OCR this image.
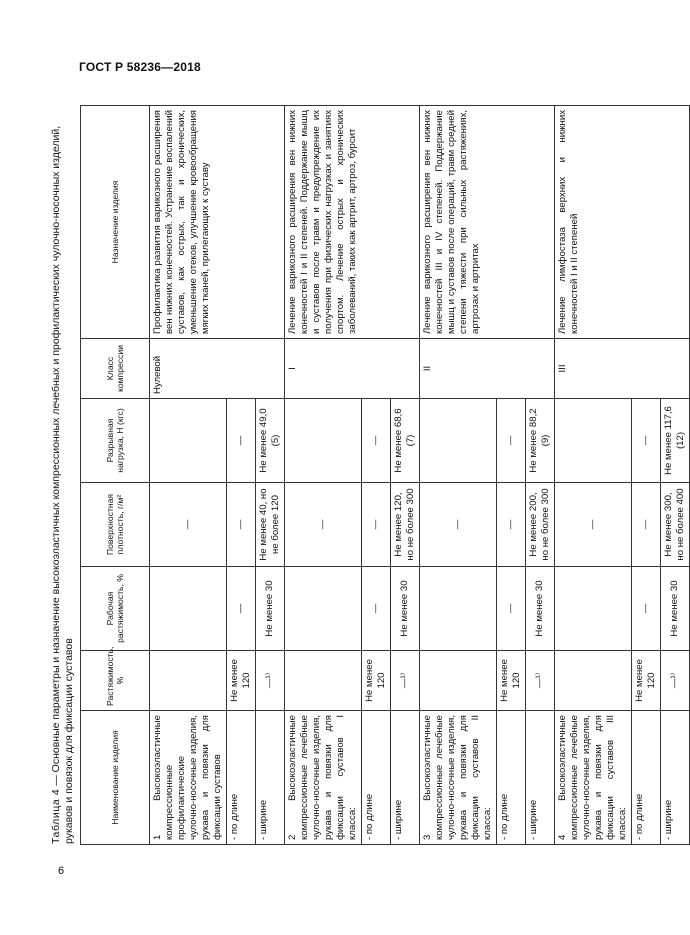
ГОСТ Р 58236—2018
Таблица 4 — Основные параметры и назначение высокоэластичных компрессионных лечебных и профилактических чулочно-носочных изделий, рукавов и повязок для фиксации суставов	Наименование изделия	Растяжимость, %	Рабочая растяжимость, %	Поверхностная плотность, г/м²	Разрывная нагрузка, Н (кгс)	Класс компрессии	Назначение изделия
1 Высокоэластичные компрессионные профилактические чулочно-носочные изделия, рукава и повязки для фиксации суставов			—		Нулевой	Профилактика развития варикозного расширения вен нижних конечностей. Устранение воспалений суставов, как острых, так и хронических, уменьшение отеков, улучшение кровообращения мягких тканей, прилегающих к суставу
- по длине	Не менее 120	—	—	—		
- ширине	—¹⁾	Не менее 30	Не менее 40, но не более 120	Не менее 49,0 (5)		
2 Высокоэластичные компрессионные лечебные чулочно-носочные изделия, рукава и повязки для фиксации суставов I класса:			—		I	Лечение варикозного расширения вен нижних конечностей I и II степеней. Поддержание мышц и суставов после травм и предупреждение их получения при физических нагрузках и занятиях спортом. Лечение острых и хронических заболеваний, таких как артрит, артроз, бурсит
- по длине	Не менее 120	—	—	—		
- ширине	—¹⁾	Не менее 30	Не менее 120, но не более 300	Не менее 68,6 (7)		
3 Высокоэластичные компрессионные лечебные чулочно-носочные изделия, рукава и повязки для фиксации суставов II класса:			—		II	Лечение варикозного расширения вен нижних конечностей III и IV степеней. Поддержание мышц и суставов после операций, травм средней степени тяжести при сильных растяжениях, артрозах и артритах
- по длине	Не менее 120	—	—	—		
- ширине	—¹⁾	Не менее 30	Не менее 200, но не более 300	Не менее 88,2 (9)		
4 Высокоэластичные компрессионные лечебные чулочно-носочные изделия, рукава и повязки для фиксации суставов III класса:			—		III	Лечение лимфостаза верхних и нижних конечностей I и II степеней
- по длине	Не менее 120	—	—	—		
- ширине	—¹⁾	Не менее 30	Не менее 300, но не более 400	Не менее 117,6 (12)		
6
